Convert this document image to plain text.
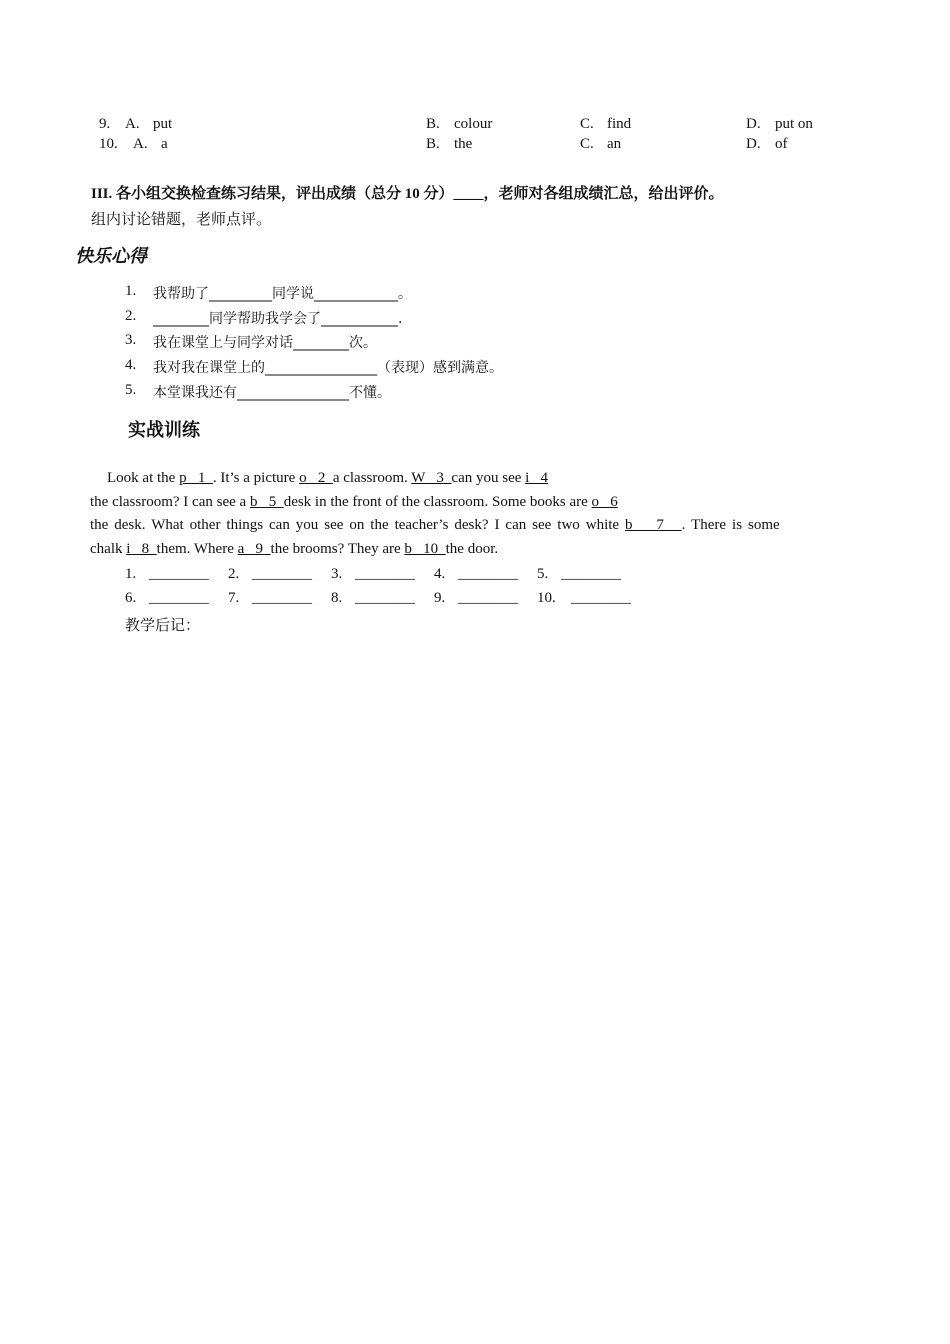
9. A. put	B. colour	C. find	D. put on
10. A. a	B. the	C. an	D. of
III. 各小组交换检查练习结果，评出成绩（总分 10 分）____，老师对各组成绩汇总，给出评价。
组内讨论错题，老师点评。
快乐心得
1. 我帮助了_________同学说____________。
2. ________同学帮助我学会了___________.
3. 我在课堂上与同学对话________次。
4. 我对我在课堂上的________________（表现）感到满意。
5. 本堂课我还有________________不懂。
实战训练
Look at the p   1  . It’s a picture o   2  a classroom. W   3  can you see i   4
the classroom? I can see a b   5  desk in the front of the classroom. Some books are o   6
the desk. What other things can you see on the teacher’s desk? I can see two white b    7   . There is some
chalk i   8  them. Where a   9  the brooms? They are b   10  the door.
1. ________ 2. ________ 3. ________ 4. ________ 5. ________
6. ________ 7. ________ 8. ________ 9. ________ 10. ________
教学后记：
